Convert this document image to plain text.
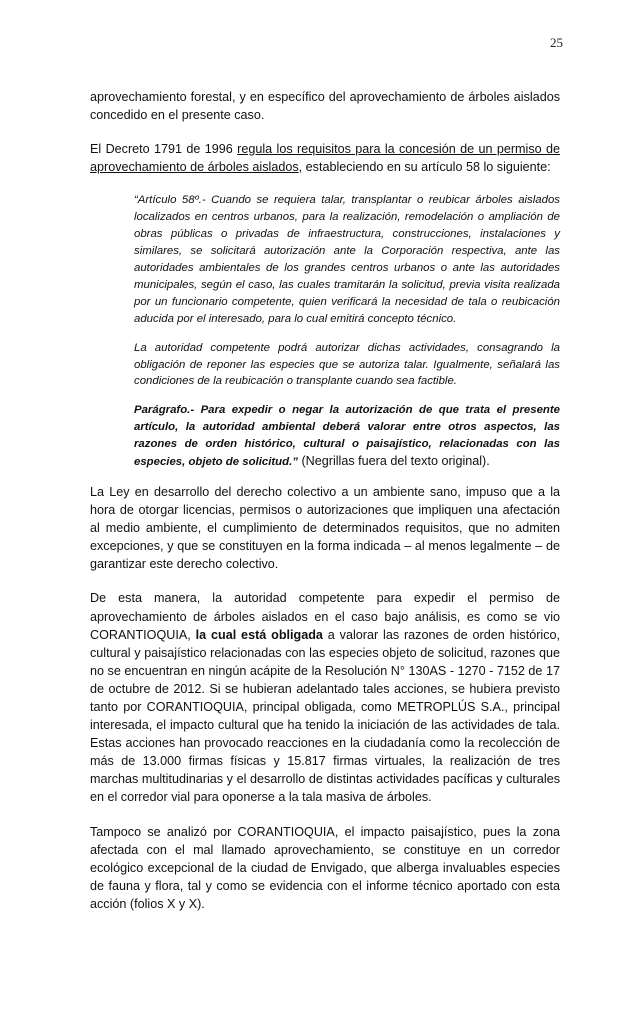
25

aprovechamiento forestal, y en específico del aprovechamiento de árboles aislados concedido en el presente caso.

El Decreto 1791 de 1996 regula los requisitos para la concesión de un permiso de aprovechamiento de árboles aislados, estableciendo en su artículo 58 lo siguiente:

“Artículo 58º.- Cuando se requiera talar, transplantar o reubicar árboles aislados localizados en centros urbanos, para la realización, remodelación o ampliación de obras públicas o privadas de infraestructura, construcciones, instalaciones y similares, se solicitará autorización ante la Corporación respectiva, ante las autoridades ambientales de los grandes centros urbanos o ante las autoridades municipales, según el caso, las cuales tramitarán la solicitud, previa visita realizada por un funcionario competente, quien verificará la necesidad de tala o reubicación aducida por el interesado, para lo cual emitirá concepto técnico.

La autoridad competente podrá autorizar dichas actividades, consagrando la obligación de reponer las especies que se autoriza talar. Igualmente, señalará las condiciones de la reubicación o transplante cuando sea factible.

Parágrafo.- Para expedir o negar la autorización de que trata el presente artículo, la autoridad ambiental deberá valorar entre otros aspectos, las razones de orden histórico, cultural o paisajístico, relacionadas con las especies, objeto de solicitud.” (Negrillas fuera del texto original).

La Ley en desarrollo del derecho colectivo a un ambiente sano, impuso que a la hora de otorgar licencias, permisos o autorizaciones que impliquen una afectación al medio ambiente, el cumplimiento de determinados requisitos, que no admiten excepciones, y que se constituyen en la forma indicada – al menos legalmente – de garantizar este derecho colectivo.

De esta manera, la autoridad competente para expedir el permiso de aprovechamiento de árboles aislados en el caso bajo análisis, es como se vio CORANTIOQUIA, la cual está obligada a valorar las razones de orden histórico, cultural y paisajístico relacionadas con las especies objeto de solicitud, razones que no se encuentran en ningún acápite de la Resolución N° 130AS - 1270 - 7152 de 17 de octubre de 2012. Si se hubieran adelantado tales acciones, se hubiera previsto tanto por CORANTIOQUIA, principal obligada, como METROPLÚS S.A., principal interesada, el impacto cultural que ha tenido la iniciación de las actividades de tala. Estas acciones han provocado reacciones en la ciudadanía como la recolección de más de 13.000 firmas físicas y 15.817 firmas virtuales, la realización de tres marchas multitudinarias y el desarrollo de distintas actividades pacíficas y culturales en el corredor vial para oponerse a la tala masiva de árboles.

Tampoco se analizó por CORANTIOQUIA, el impacto paisajístico, pues la zona afectada con el mal llamado aprovechamiento, se constituye en un corredor ecológico excepcional de la ciudad de Envigado, que alberga invaluables especies de fauna y flora, tal y como se evidencia con el informe técnico aportado con esta acción (folios X y X).
